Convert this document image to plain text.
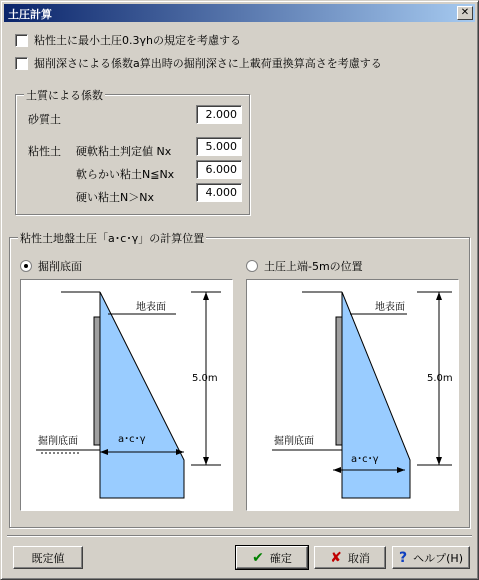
土圧計算	✕
粘性土に最小土圧0.3γhの規定を考慮する
掘削深さによる係数a算出時の掘削深さに上載荷重換算高さを考慮する
土質による係数
砂質土	2.000
粘性土 硬軟粘土判定値 Nx	5.000
軟らかい粘土N≦Nx	6.000
硬い粘土N＞Nx	4.000
粘性土地盤土圧「a･c･γ」の計算位置
掘削底面	土圧上端-5mの位置
地表面
5.0m
掘削底面	a･c･γ
地表面
5.0m
掘削底面
a･c･γ
既定値	✔ 確定	✘ 取消 ? ヘルプ(H)
